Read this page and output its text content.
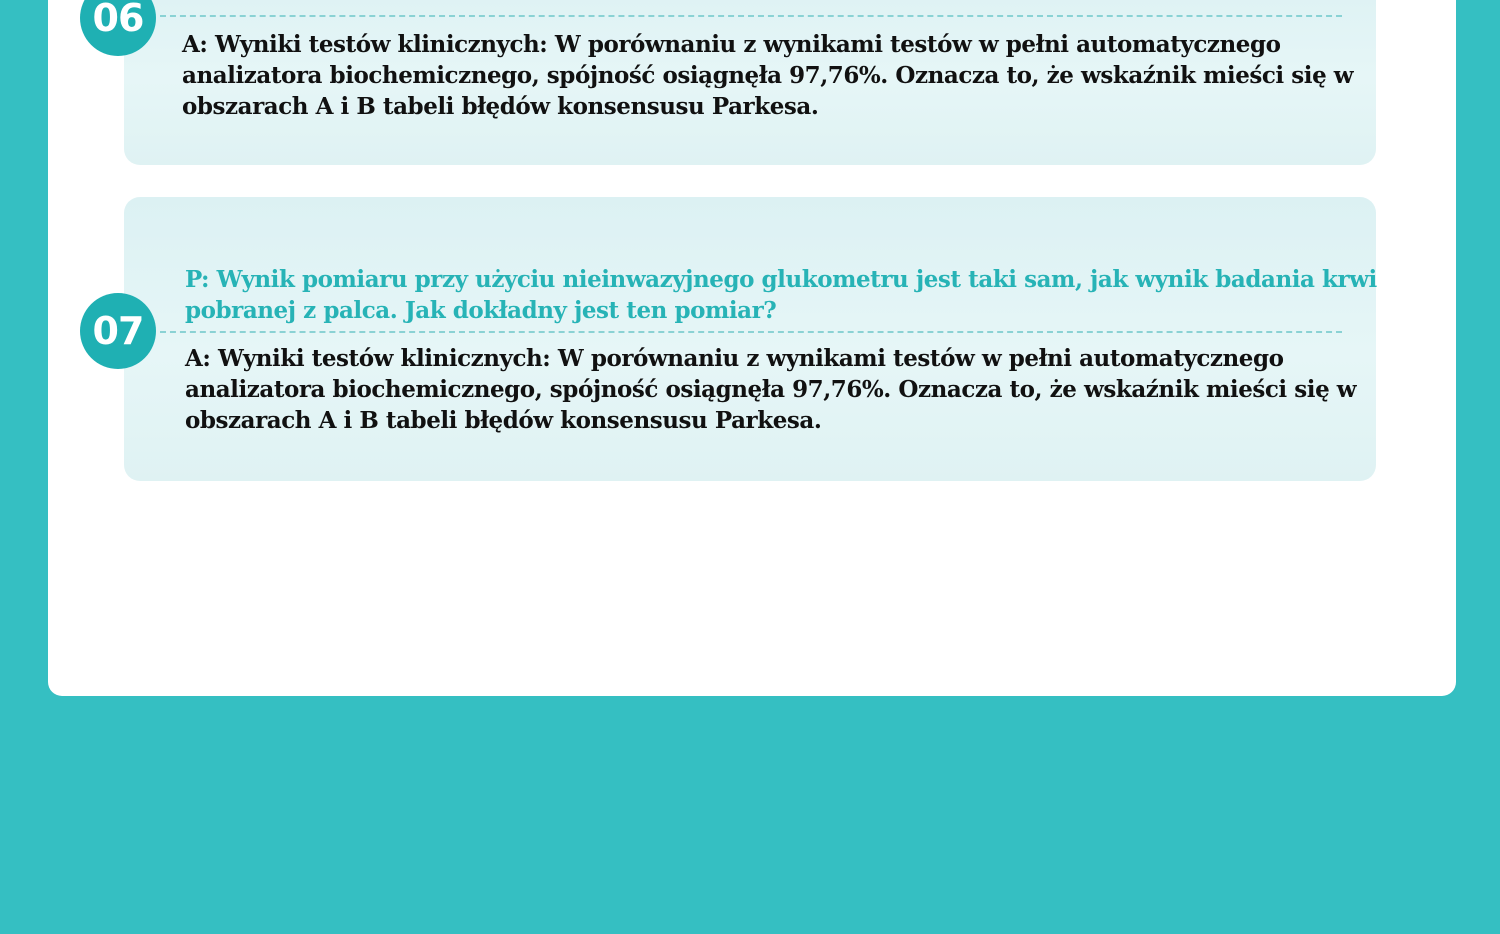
06

A: Wyniki testów klinicznych: W porównaniu z wynikami testów w pełni automatycznego
analizatora biochemicznego, spójność osiągnęła 97,76%. Oznacza to, że wskaźnik mieści się w
obszarach A i B tabeli błędów konsensusu Parkesa.

P: Wynik pomiaru przy użyciu nieinwazyjnego glukometru jest taki sam, jak wynik badania krwi
pobranej z palca. Jak dokładny jest ten pomiar?

07

A: Wyniki testów klinicznych: W porównaniu z wynikami testów w pełni automatycznego
analizatora biochemicznego, spójność osiągnęła 97,76%. Oznacza to, że wskaźnik mieści się w
obszarach A i B tabeli błędów konsensusu Parkesa.
